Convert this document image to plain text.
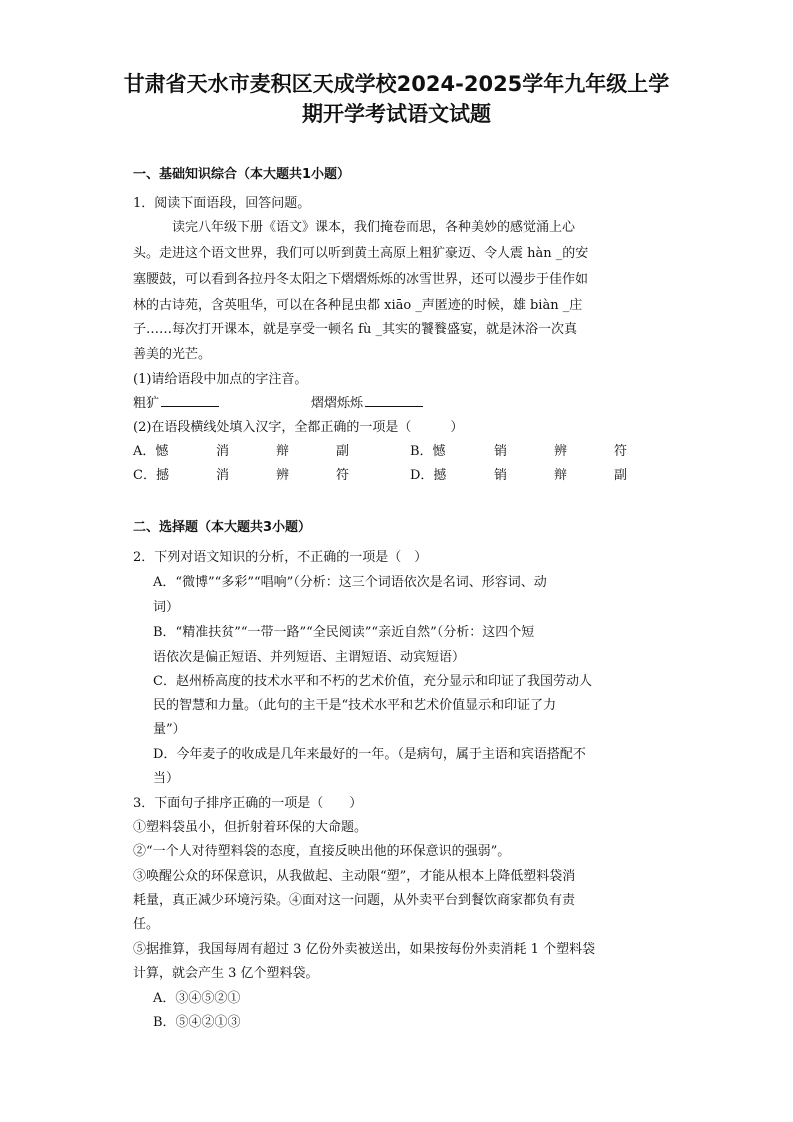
甘肃省天水市麦积区天成学校2024-2025学年九年级上学
期开学考试语文试题
一、基础知识综合（本大题共1小题）
1．阅读下面语段，回答问题。
读完八年级下册《语文》课本，我们掩卷而思，各种美妙的感觉涌上心
头。走进这个语文世界，我们可以听到黄土高原上粗犷豪迈、令人震 hàn _的安
塞腰鼓，可以看到各拉丹冬太阳之下熠熠烁烁的冰雪世界，还可以漫步于佳作如
林的古诗苑，含英咀华，可以在各种昆虫都 xiāo _声匿迹的时候，雄 biàn _庄
子……每次打开课本，就是享受一顿名 fù _其实的饕餮盛宴，就是沐浴一次真
善美的光芒。
(1)请给语段中加点的字注音。
粗犷	熠熠烁烁
(2)在语段横线处填入汉字，全都正确的一项是（　　　）
A．憾	消	辩	副	B．憾	销	辨	符
C．撼	消	辨	符	D．撼	销	辩	副
二、选择题（本大题共3小题）
2．下列对语文知识的分析，不正确的一项是（　）
A．“微博”“多彩”“唱响”（分析：这三个词语依次是名词、形容词、动
词）
B．“精准扶贫”“一带一路”“全民阅读”“亲近自然”（分析：这四个短
语依次是偏正短语、并列短语、主谓短语、动宾短语）
C．赵州桥高度的技术水平和不朽的艺术价值，充分显示和印证了我国劳动人
民的智慧和力量。（此句的主干是“技术水平和艺术价值显示和印证了力
量”）
D．今年麦子的收成是几年来最好的一年。（是病句，属于主语和宾语搭配不
当）
3．下面句子排序正确的一项是（　　）
①塑料袋虽小，但折射着环保的大命题。
②“一个人对待塑料袋的态度，直接反映出他的环保意识的强弱”。
③唤醒公众的环保意识，从我做起、主动限“塑”，才能从根本上降低塑料袋消
耗量，真正减少环境污染。④面对这一问题，从外卖平台到餐饮商家都负有责
任。
⑤据推算，我国每周有超过 3 亿份外卖被送出，如果按每份外卖消耗 1 个塑料袋
计算，就会产生 3 亿个塑料袋。
A．③④⑤②①
B．⑤④②①③
